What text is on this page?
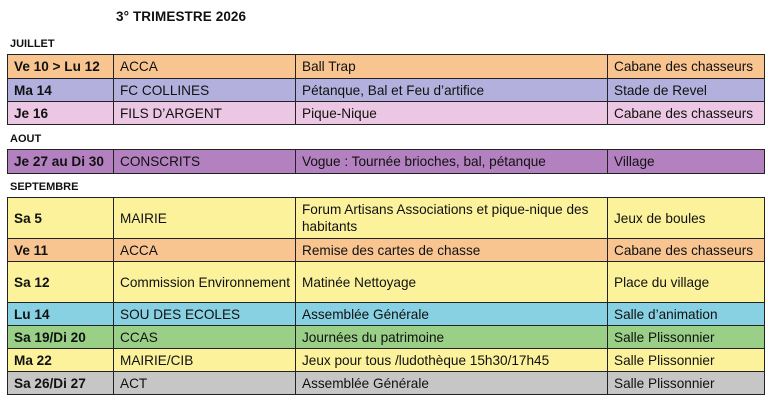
3° TRIMESTRE 2026
JUILLET
Ve 10 > Lu 12	ACCA	Ball Trap	Cabane des chasseurs
Ma 14	FC COLLINES	Pétanque, Bal et Feu d’artifice	Stade de Revel
Je 16	FILS D’ARGENT	Pique-Nique	Cabane des chasseurs
AOUT
Je 27 au Di 30	CONSCRITS	Vogue : Tournée brioches, bal, pétanque	Village
SEPTEMBRE
Sa 5	MAIRIE	Forum Artisans Associations et pique-nique des habitants	Jeux de boules
Ve 11	ACCA	Remise des cartes de chasse	Cabane des chasseurs
Sa 12	Commission Environnement	Matinée Nettoyage	Place du village
Lu 14	SOU DES ECOLES	Assemblée Générale	Salle d’animation
Sa 19/Di 20	CCAS	Journées du patrimoine	Salle Plissonnier
Ma 22	MAIRIE/CIB	Jeux pour tous /ludothèque 15h30/17h45	Salle Plissonnier
Sa 26/Di 27	ACT	Assemblée Générale	Salle Plissonnier
